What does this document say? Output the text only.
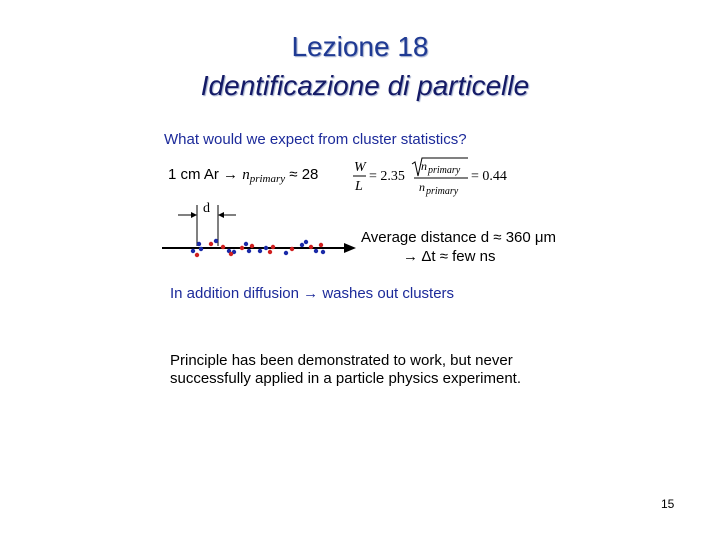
Lezione 18
Identificazione di particelle
What would we expect from cluster statistics?
1 cm $Ar \to n_{primary} \approx 28$	W
L
= 2.35
n primary
n primary
= 0.44
d
Average distance d ≈ 360 μm
→ Δt ≈ few ns
In addition diffusion → washes out clusters
Principle has been demonstrated to work, but never successfully applied in a particle physics experiment.
15
